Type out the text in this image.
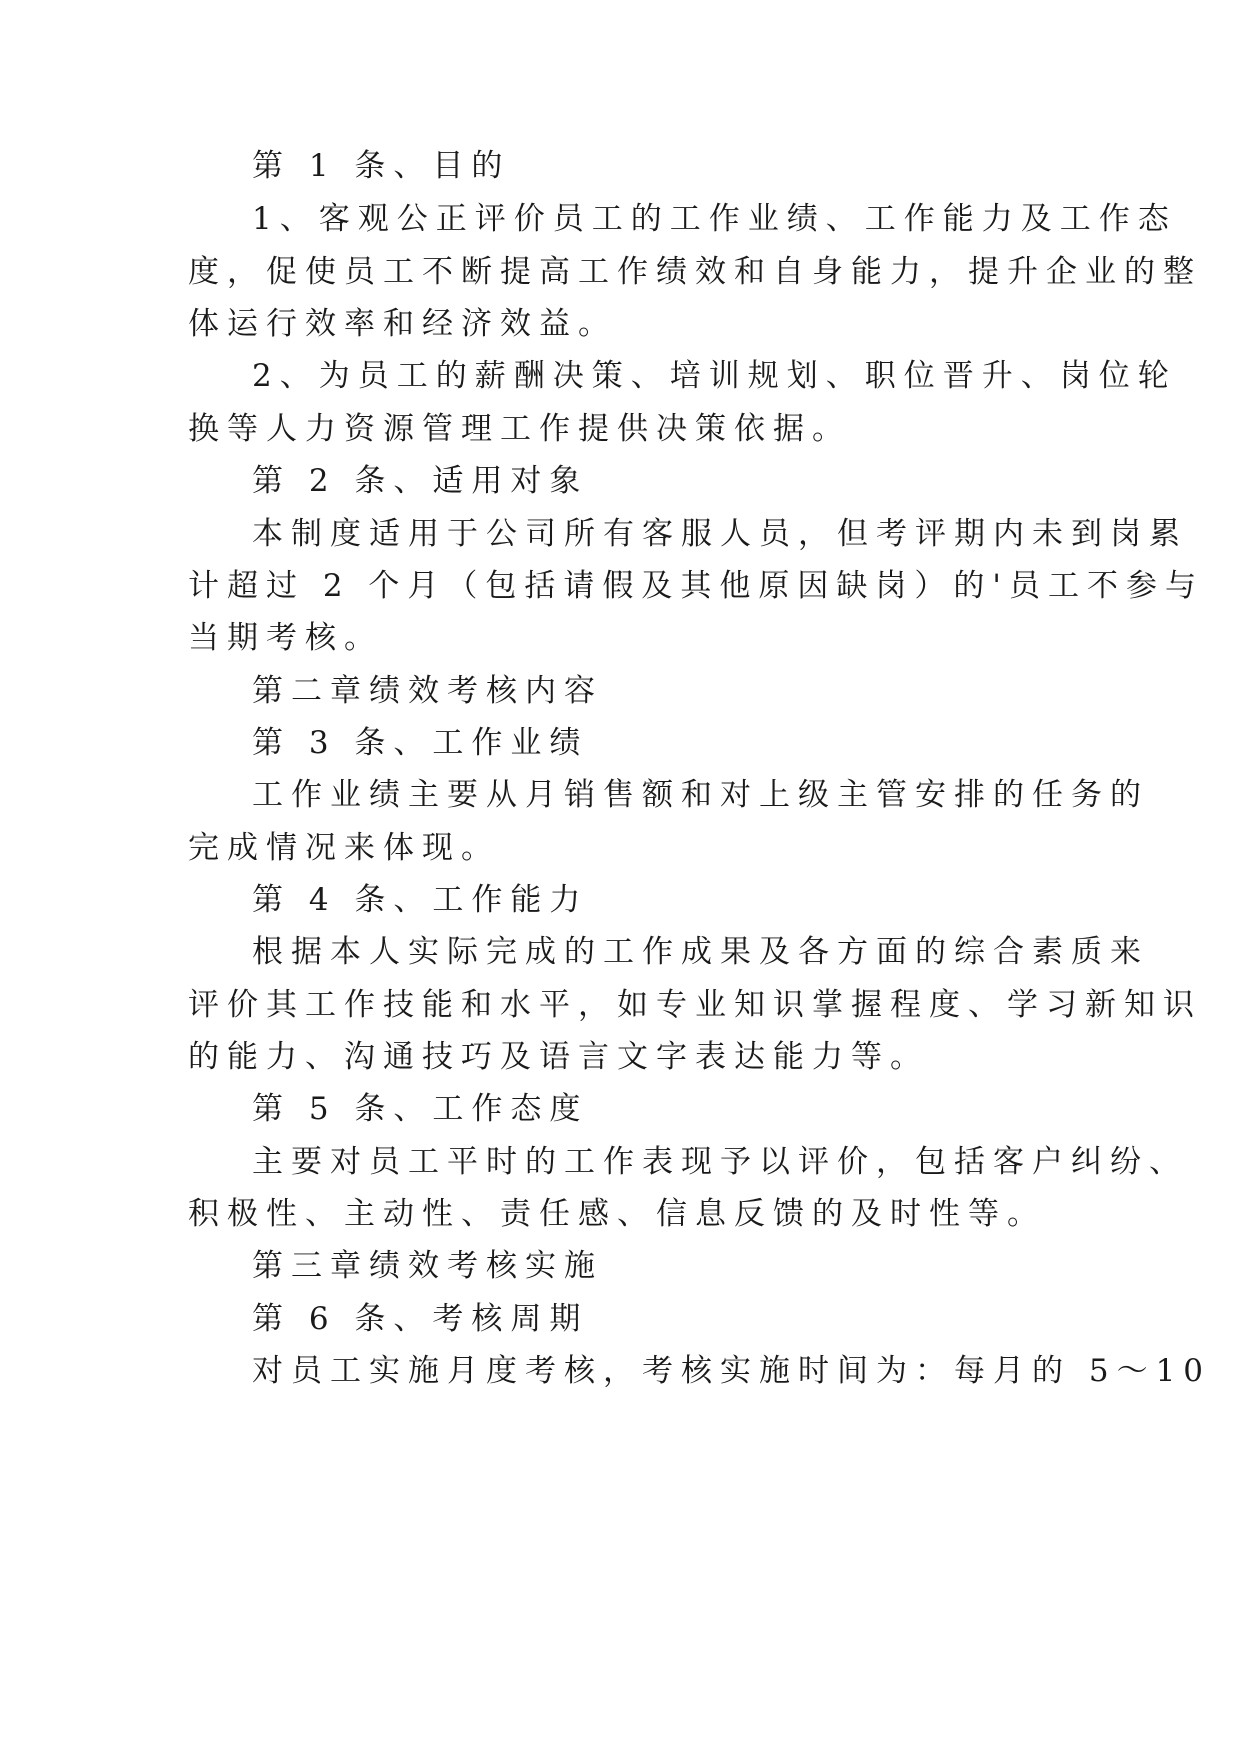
第 1 条、目的
1、客观公正评价员工的工作业绩、工作能力及工作态
度，促使员工不断提高工作绩效和自身能力，提升企业的整
体运行效率和经济效益。
2、为员工的薪酬决策、培训规划、职位晋升、岗位轮
换等人力资源管理工作提供决策依据。
第 2 条、适用对象
本制度适用于公司所有客服人员，但考评期内未到岗累
计超过 2 个月（包括请假及其他原因缺岗）的'员工不参与
当期考核。
第二章绩效考核内容
第 3 条、工作业绩
工作业绩主要从月销售额和对上级主管安排的任务的
完成情况来体现。
第 4 条、工作能力
根据本人实际完成的工作成果及各方面的综合素质来
评价其工作技能和水平，如专业知识掌握程度、学习新知识
的能力、沟通技巧及语言文字表达能力等。
第 5 条、工作态度
主要对员工平时的工作表现予以评价，包括客户纠纷、
积极性、主动性、责任感、信息反馈的及时性等。
第三章绩效考核实施
第 6 条、考核周期
对员工实施月度考核，考核实施时间为：每月的 5～10
